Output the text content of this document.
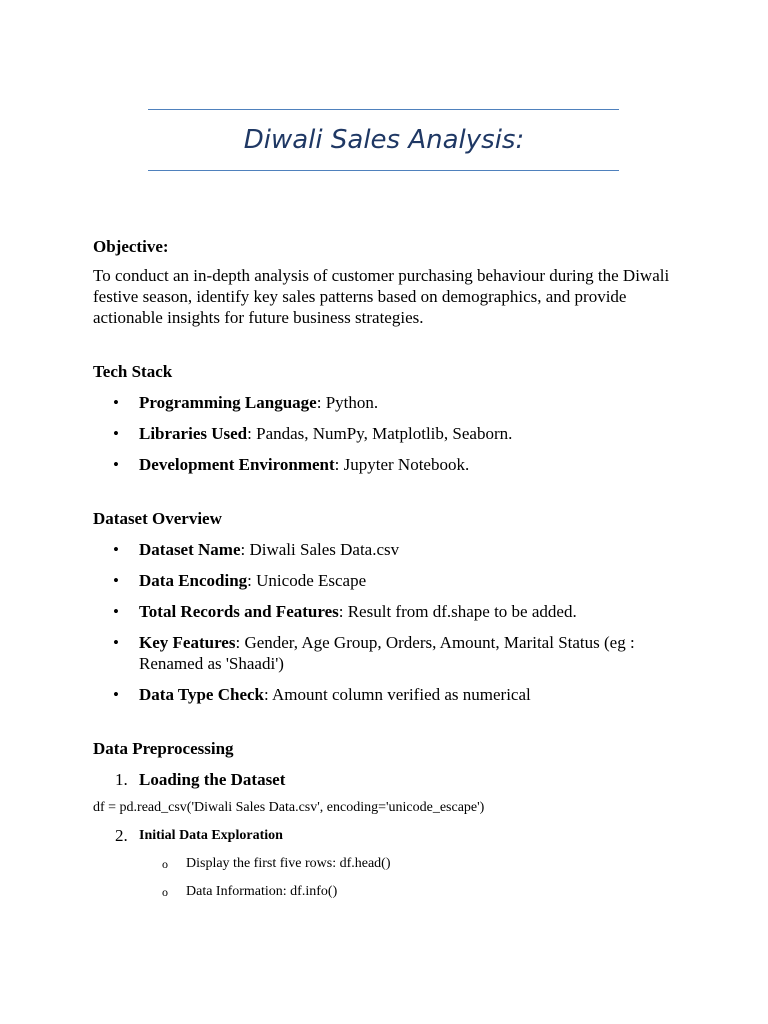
Diwali Sales Analysis:

Objective:

To conduct an in-depth analysis of customer purchasing behaviour during the Diwali festive season, identify key sales patterns based on demographics, and provide actionable insights for future business strategies.

Tech Stack

• Programming Language: Python.
• Libraries Used: Pandas, NumPy, Matplotlib, Seaborn.
• Development Environment: Jupyter Notebook.

Dataset Overview

• Dataset Name: Diwali Sales Data.csv
• Data Encoding: Unicode Escape
• Total Records and Features: Result from df.shape to be added.
• Key Features: Gender, Age Group, Orders, Amount, Marital Status (eg : Renamed as 'Shaadi')
• Data Type Check: Amount column verified as numerical

Data Preprocessing

1. Loading the Dataset
df = pd.read_csv('Diwali Sales Data.csv', encoding='unicode_escape')
2. Initial Data Exploration
o Display the first five rows: df.head()
o Data Information: df.info()
